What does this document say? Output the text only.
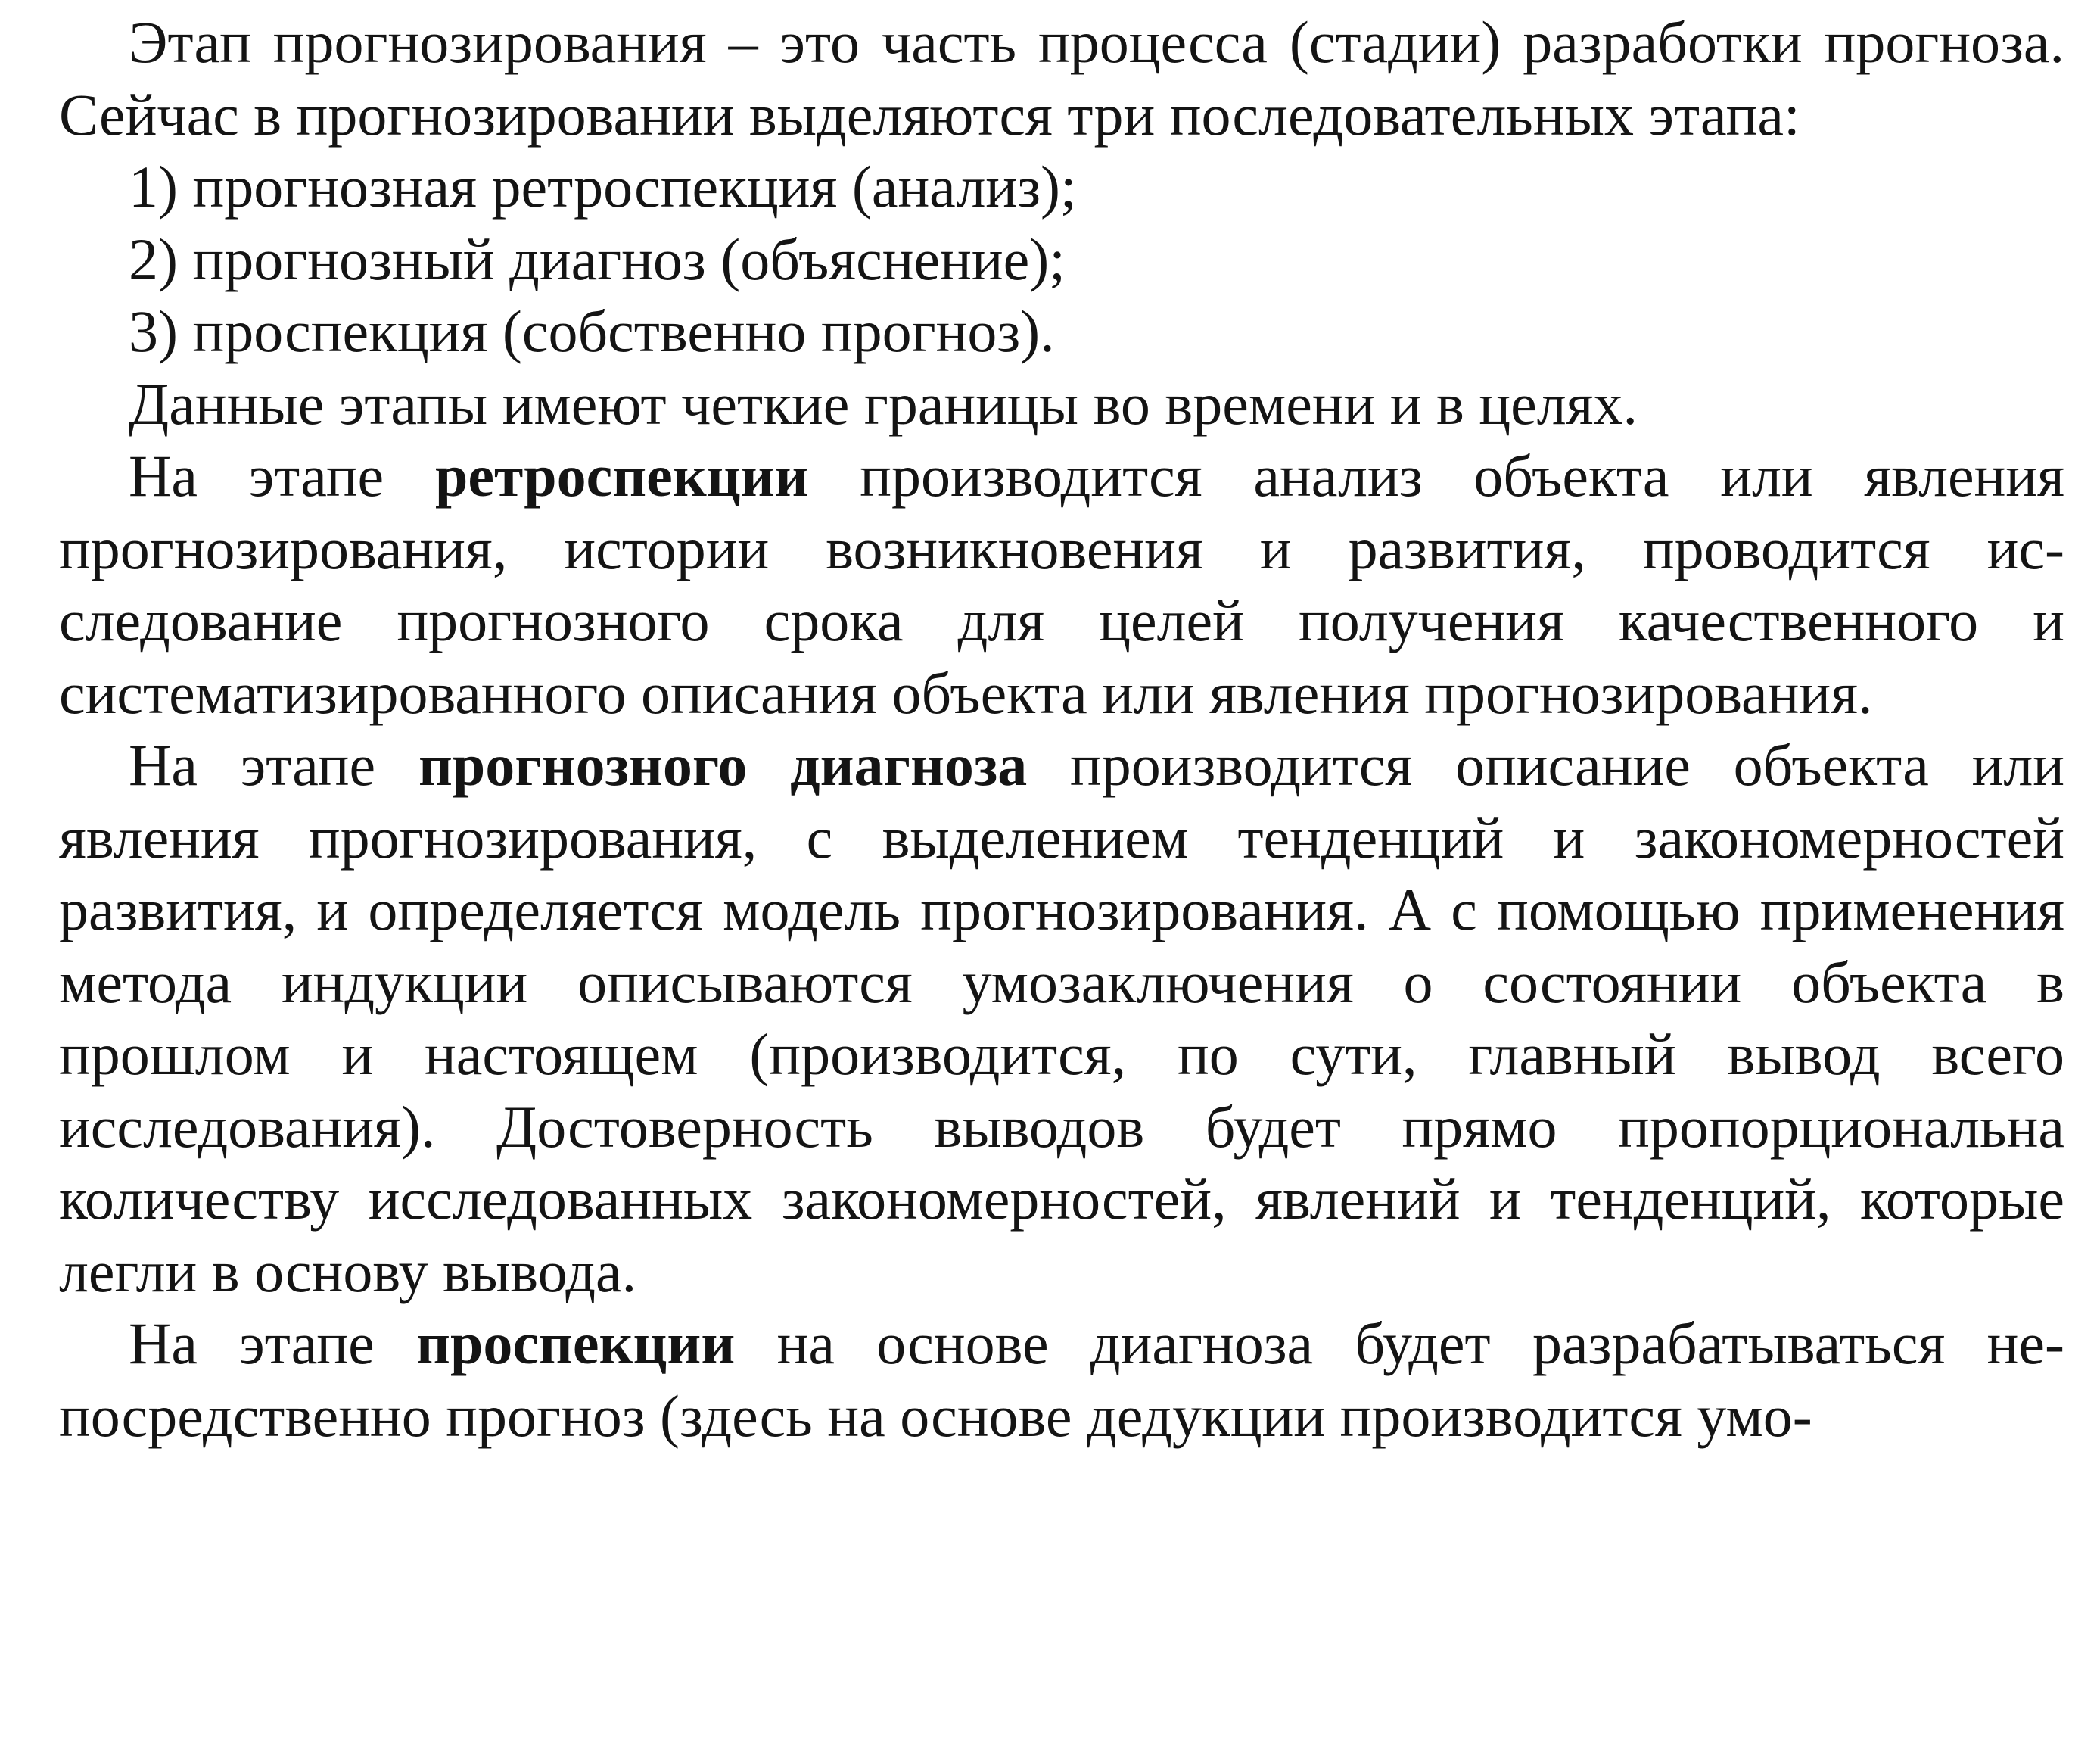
Этап прогнозирования – это часть процесса (стадии) разработки прогноза. Сейчас в прогнозировании выделяются три последовательных этапа:

1) прогнозная ретроспекция (анализ);

2) прогнозный диагноз (объяснение);

3) проспекция (собственно прогноз).

Данные этапы имеют четкие границы во времени и в целях.

На этапе ретроспекции производится анализ объекта или явления прогнозирования, истории возникновения и развития, проводится исследование прогнозного срока для целей получения качественного и систематизированного описания объекта или явления прогнозирования.

На этапе прогнозного диагноза производится описание объекта или явления прогнозирования, с выделением тенденций и закономерностей развития, и определяется модель прогнозирования. А с помощью применения метода индукции описываются умозаключения о состоянии объекта в прошлом и настоящем (производится, по сути, главный вывод всего исследования). Достоверность выводов будет прямо пропорциональна количеству исследованных закономерностей, явлений и тенденций, которые легли в основу вывода.

На этапе проспекции на основе диагноза будет разрабатываться непосредственно прогноз (здесь на основе дедукции производится умо-
